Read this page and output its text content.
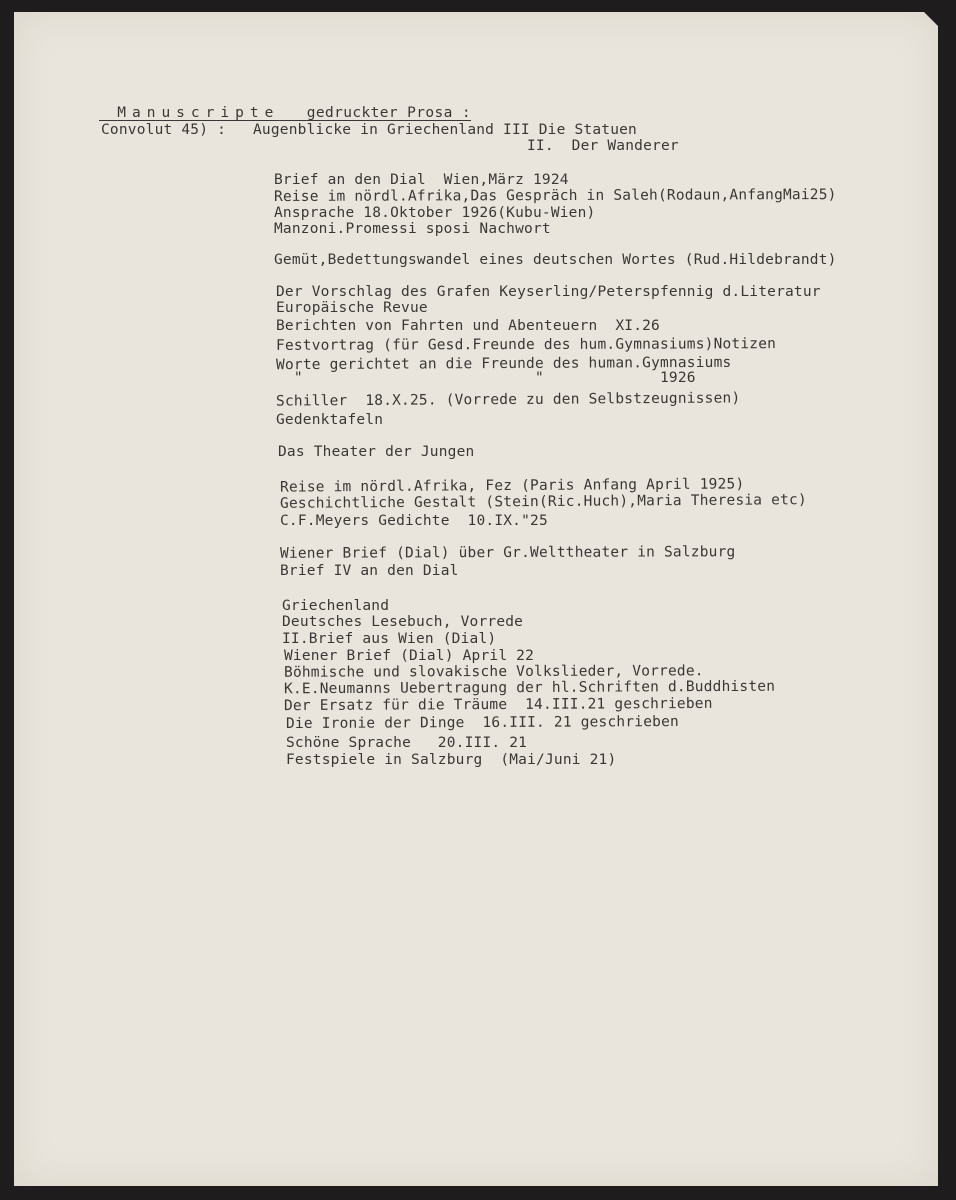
Manuscripte gedruckter Prosa :

Convolut 45) : Augenblicke in Griechenland III Die Statuen
II.  Der Wanderer
Brief an den Dial  Wien,März 1924
Reise im nördl.Afrika,Das Gespräch in Saleh(Rodaun,AnfangMai25)
Ansprache 18.Oktober 1926(Kubu-Wien)
Manzoni.Promessi sposi Nachwort
Gemüt,Bedettungswandel eines deutschen Wortes (Rud.Hildebrandt)
Der Vorschlag des Grafen Keyserling/Peterspfennig d.Literatur
Europäische Revue
Berichten von Fahrten und Abenteuern  XI.26
Festvortrag (für Gesd.Freunde des hum.Gymnasiums)Notizen
Worte gerichtet an die Freunde des human.Gymnasiums
"                          "             1926
Schiller  18.X.25. (Vorrede zu den Selbstzeugnissen)
Gedenktafeln
Das Theater der Jungen
Reise im nördl.Afrika, Fez (Paris Anfang April 1925)
Geschichtliche Gestalt (Stein(Ric.Huch),Maria Theresia etc)
C.F.Meyers Gedichte  10.IX."25
Wiener Brief (Dial) über Gr.Welttheater in Salzburg
Brief IV an den Dial
Griechenland
Deutsches Lesebuch, Vorrede
II.Brief aus Wien (Dial)
Wiener Brief (Dial) April 22
Böhmische und slovakische Volkslieder, Vorrede.
K.E.Neumanns Uebertragung der hl.Schriften d.Buddhisten
Der Ersatz für die Träume  14.III.21 geschrieben
Die Ironie der Dinge  16.III. 21 geschrieben
Schöne Sprache   20.III. 21
Festspiele in Salzburg  (Mai/Juni 21)
